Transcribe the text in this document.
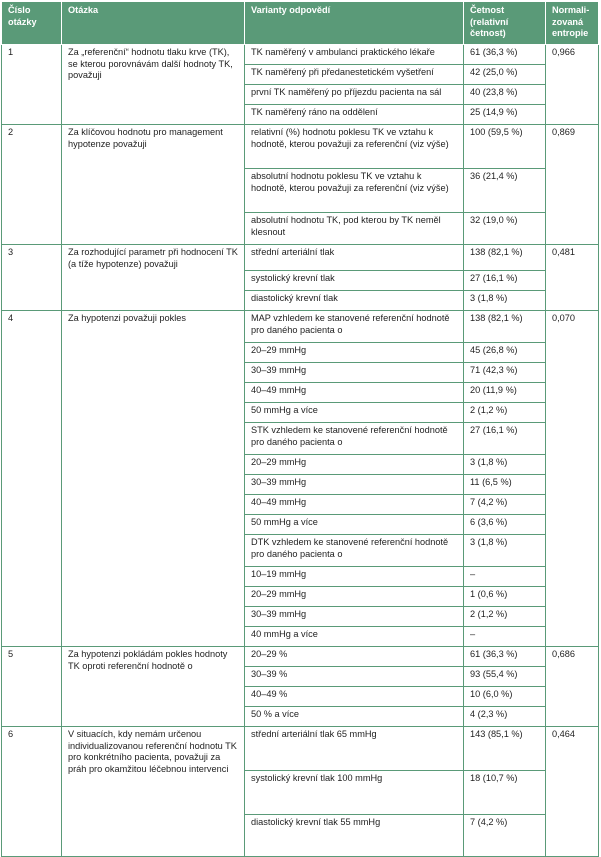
Číslo otázky	Otázka	Varianty odpovědí	Četnost (relativní četnost)	Normali-zovaná entropie
1	Za „referenční“ hodnotu tlaku krve (TK), se kterou porovnávám další hodnoty TK, považuji	TK naměřený v ambulanci praktického lékaře	61 (36,3 %)	0,966
		TK naměřený při předanestetickém vyšetření	42 (25,0 %)	
		první TK naměřený po příjezdu pacienta na sál	40 (23,8 %)	
		TK naměřený ráno na oddělení	25 (14,9 %)	
2	Za klíčovou hodnotu pro management hypotenze považuji	relativní (%) hodnotu poklesu TK ve vztahu k hodnotě, kterou považuji za referenční (viz výše)	100 (59,5 %)	0,869
		absolutní hodnotu poklesu TK ve vztahu k hodnotě, kterou považuji za referenční (viz výše)	36 (21,4 %)	
		absolutní hodnotu TK, pod kterou by TK neměl klesnout	32 (19,0 %)	
3	Za rozhodující parametr při hodnocení TK (a tíže hypotenze) považuji	střední arteriální tlak	138 (82,1 %)	0,481
		systolický krevní tlak	27 (16,1 %)	
		diastolický krevní tlak	3 (1,8 %)	
4	Za hypotenzi považuji pokles	MAP vzhledem ke stanovené referenční hodnotě pro daného pacienta o	138 (82,1 %)	0,070
		20–29 mmHg	45 (26,8 %)	
		30–39 mmHg	71 (42,3 %)	
		40–49 mmHg	20 (11,9 %)	
		50 mmHg a více	2 (1,2 %)	
		STK vzhledem ke stanovené referenční hodnotě pro daného pacienta o	27 (16,1 %)	
		20–29 mmHg	3 (1,8 %)	
		30–39 mmHg	11 (6,5 %)	
		40–49 mmHg	7 (4,2 %)	
		50 mmHg a více	6 (3,6 %)	
		DTK vzhledem ke stanovené referenční hodnotě pro daného pacienta o	3 (1,8 %)	
		10–19 mmHg	–	
		20–29 mmHg	1 (0,6 %)	
		30–39 mmHg	2 (1,2 %)	
		40 mmHg a více	–	
5	Za hypotenzi pokládám pokles hodnoty TK oproti referenční hodnotě o	20–29 %	61 (36,3 %)	0,686
		30–39 %	93 (55,4 %)	
		40–49 %	10 (6,0 %)	
		50 % a více	4 (2,3 %)	
6	V situacích, kdy nemám určenou individualizovanou referenční hodnotu TK pro konkrétního pacienta, považuji za práh pro okamžitou léčebnou intervenci	střední arteriální tlak 65 mmHg	143 (85,1 %)	0,464
		systolický krevní tlak 100 mmHg	18 (10,7 %)	
		diastolický krevní tlak 55 mmHg	7 (4,2 %)	
